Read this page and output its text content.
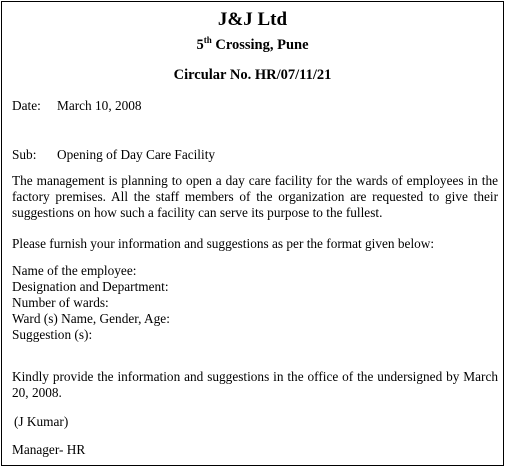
J&J Ltd
5th Crossing, Pune
Circular No. HR/07/11/21
Date: March 10, 2008
Sub: Opening of Day Care Facility
The management is planning to open a day care facility for the wards of employees in the factory premises. All the staff members of the organization are requested to give their suggestions on how such a facility can serve its purpose to the fullest.
Please furnish your information and suggestions as per the format given below:
Name of the employee:
Designation and Department:
Number of wards:
Ward (s) Name, Gender, Age:
Suggestion (s):
Kindly provide the information and suggestions in the office of the undersigned by March 20, 2008.
(J Kumar)
Manager- HR
